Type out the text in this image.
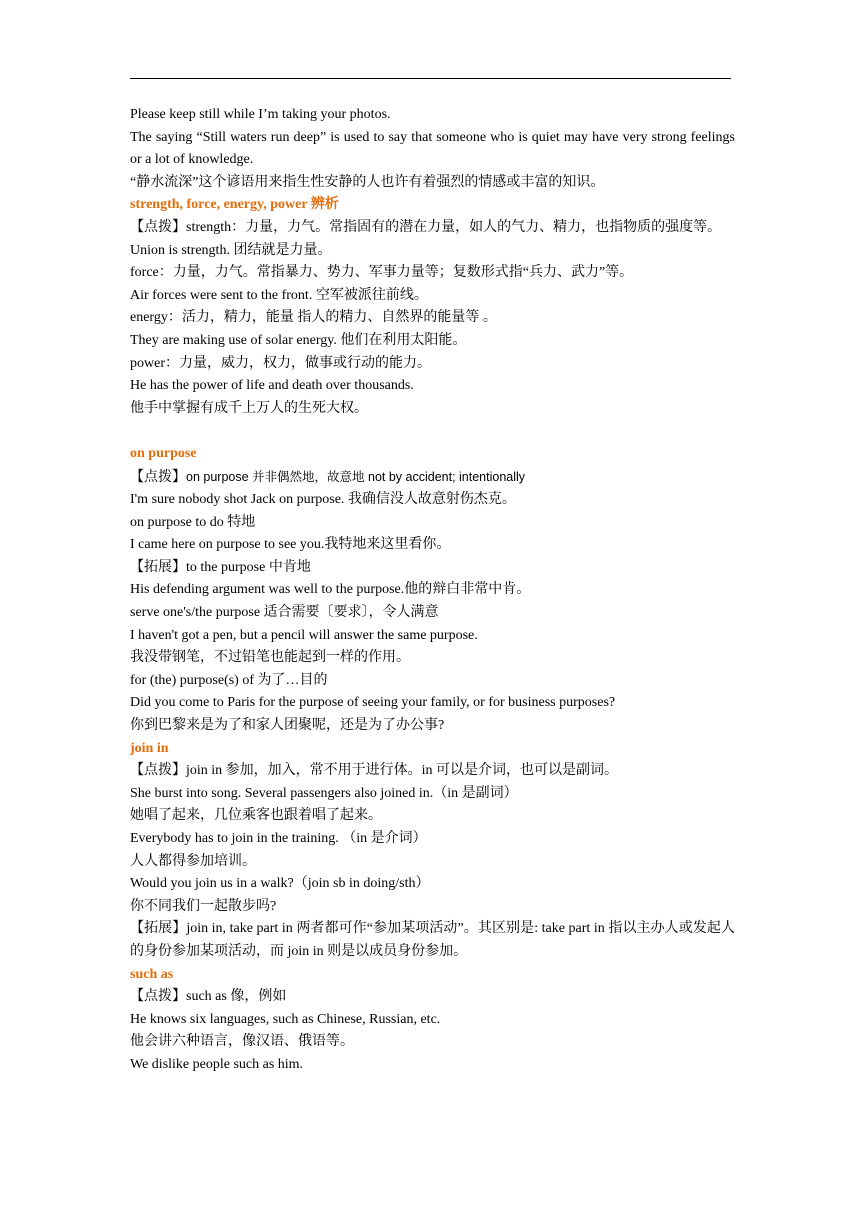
Please keep still while I’m taking your photos.
The saying “Still waters run deep” is used to say that someone who is quiet may have very strong feelings or a lot of knowledge.
“静水流深”这个谚语用来指生性安静的人也许有着强烈的情感或丰富的知识。
strength, force, energy, power 辨析
【点拨】strength：力量，力气。常指固有的潜在力量，如人的气力、精力，也指物质的强度等。
Union is strength. 团结就是力量。
force：力量，力气。常指暴力、势力、军事力量等；复数形式指“兵力、武力”等。
Air forces were sent to the front. 空军被派往前线。
energy：活力，精力，能量 指人的精力、自然界的能量等 。
They are making use of solar energy. 他们在利用太阳能。
power：力量，威力，权力，做事或行动的能力。
He has the power of life and death over thousands.
他手中掌握有成千上万人的生死大权。
on purpose
【点拨】on purpose 并非偶然地，故意地 not by accident; intentionally
I'm sure nobody shot Jack on purpose. 我确信没人故意射伤杰克。
on purpose to do 特地
I came here on purpose to see you.我特地来这里看你。
【拓展】to the purpose 中肯地
His defending argument was well to the purpose.他的辩白非常中肯。
serve one's/the purpose 适合需要〔要求〕，令人满意
I haven't got a pen, but a pencil will answer the same purpose.
我没带钢笔，不过铅笔也能起到一样的作用。
for (the) purpose(s) of 为了…目的
Did you come to Paris for the purpose of seeing your family, or for business purposes?
你到巴黎来是为了和家人团聚呢，还是为了办公事?
join in
【点拨】join in 参加，加入，常不用于进行体。in 可以是介词，也可以是副词。
She burst into song. Several passengers also joined in.（in 是副词）
她唱了起来，几位乘客也跟着唱了起来。
Everybody has to join in the training. （in 是介词）
人人都得参加培训。
Would you join us in a walk?（join sb in doing/sth）
你不同我们一起散步吗?
【拓展】join in, take part in 两者都可作“参加某项活动”。其区别是: take part in 指以主办人或发起人的身份参加某项活动，而 join in 则是以成员身份参加。
such as
【点拨】such as 像，例如
He knows six languages, such as Chinese, Russian, etc.
他会讲六种语言，像汉语、俄语等。
We dislike people such as him.
